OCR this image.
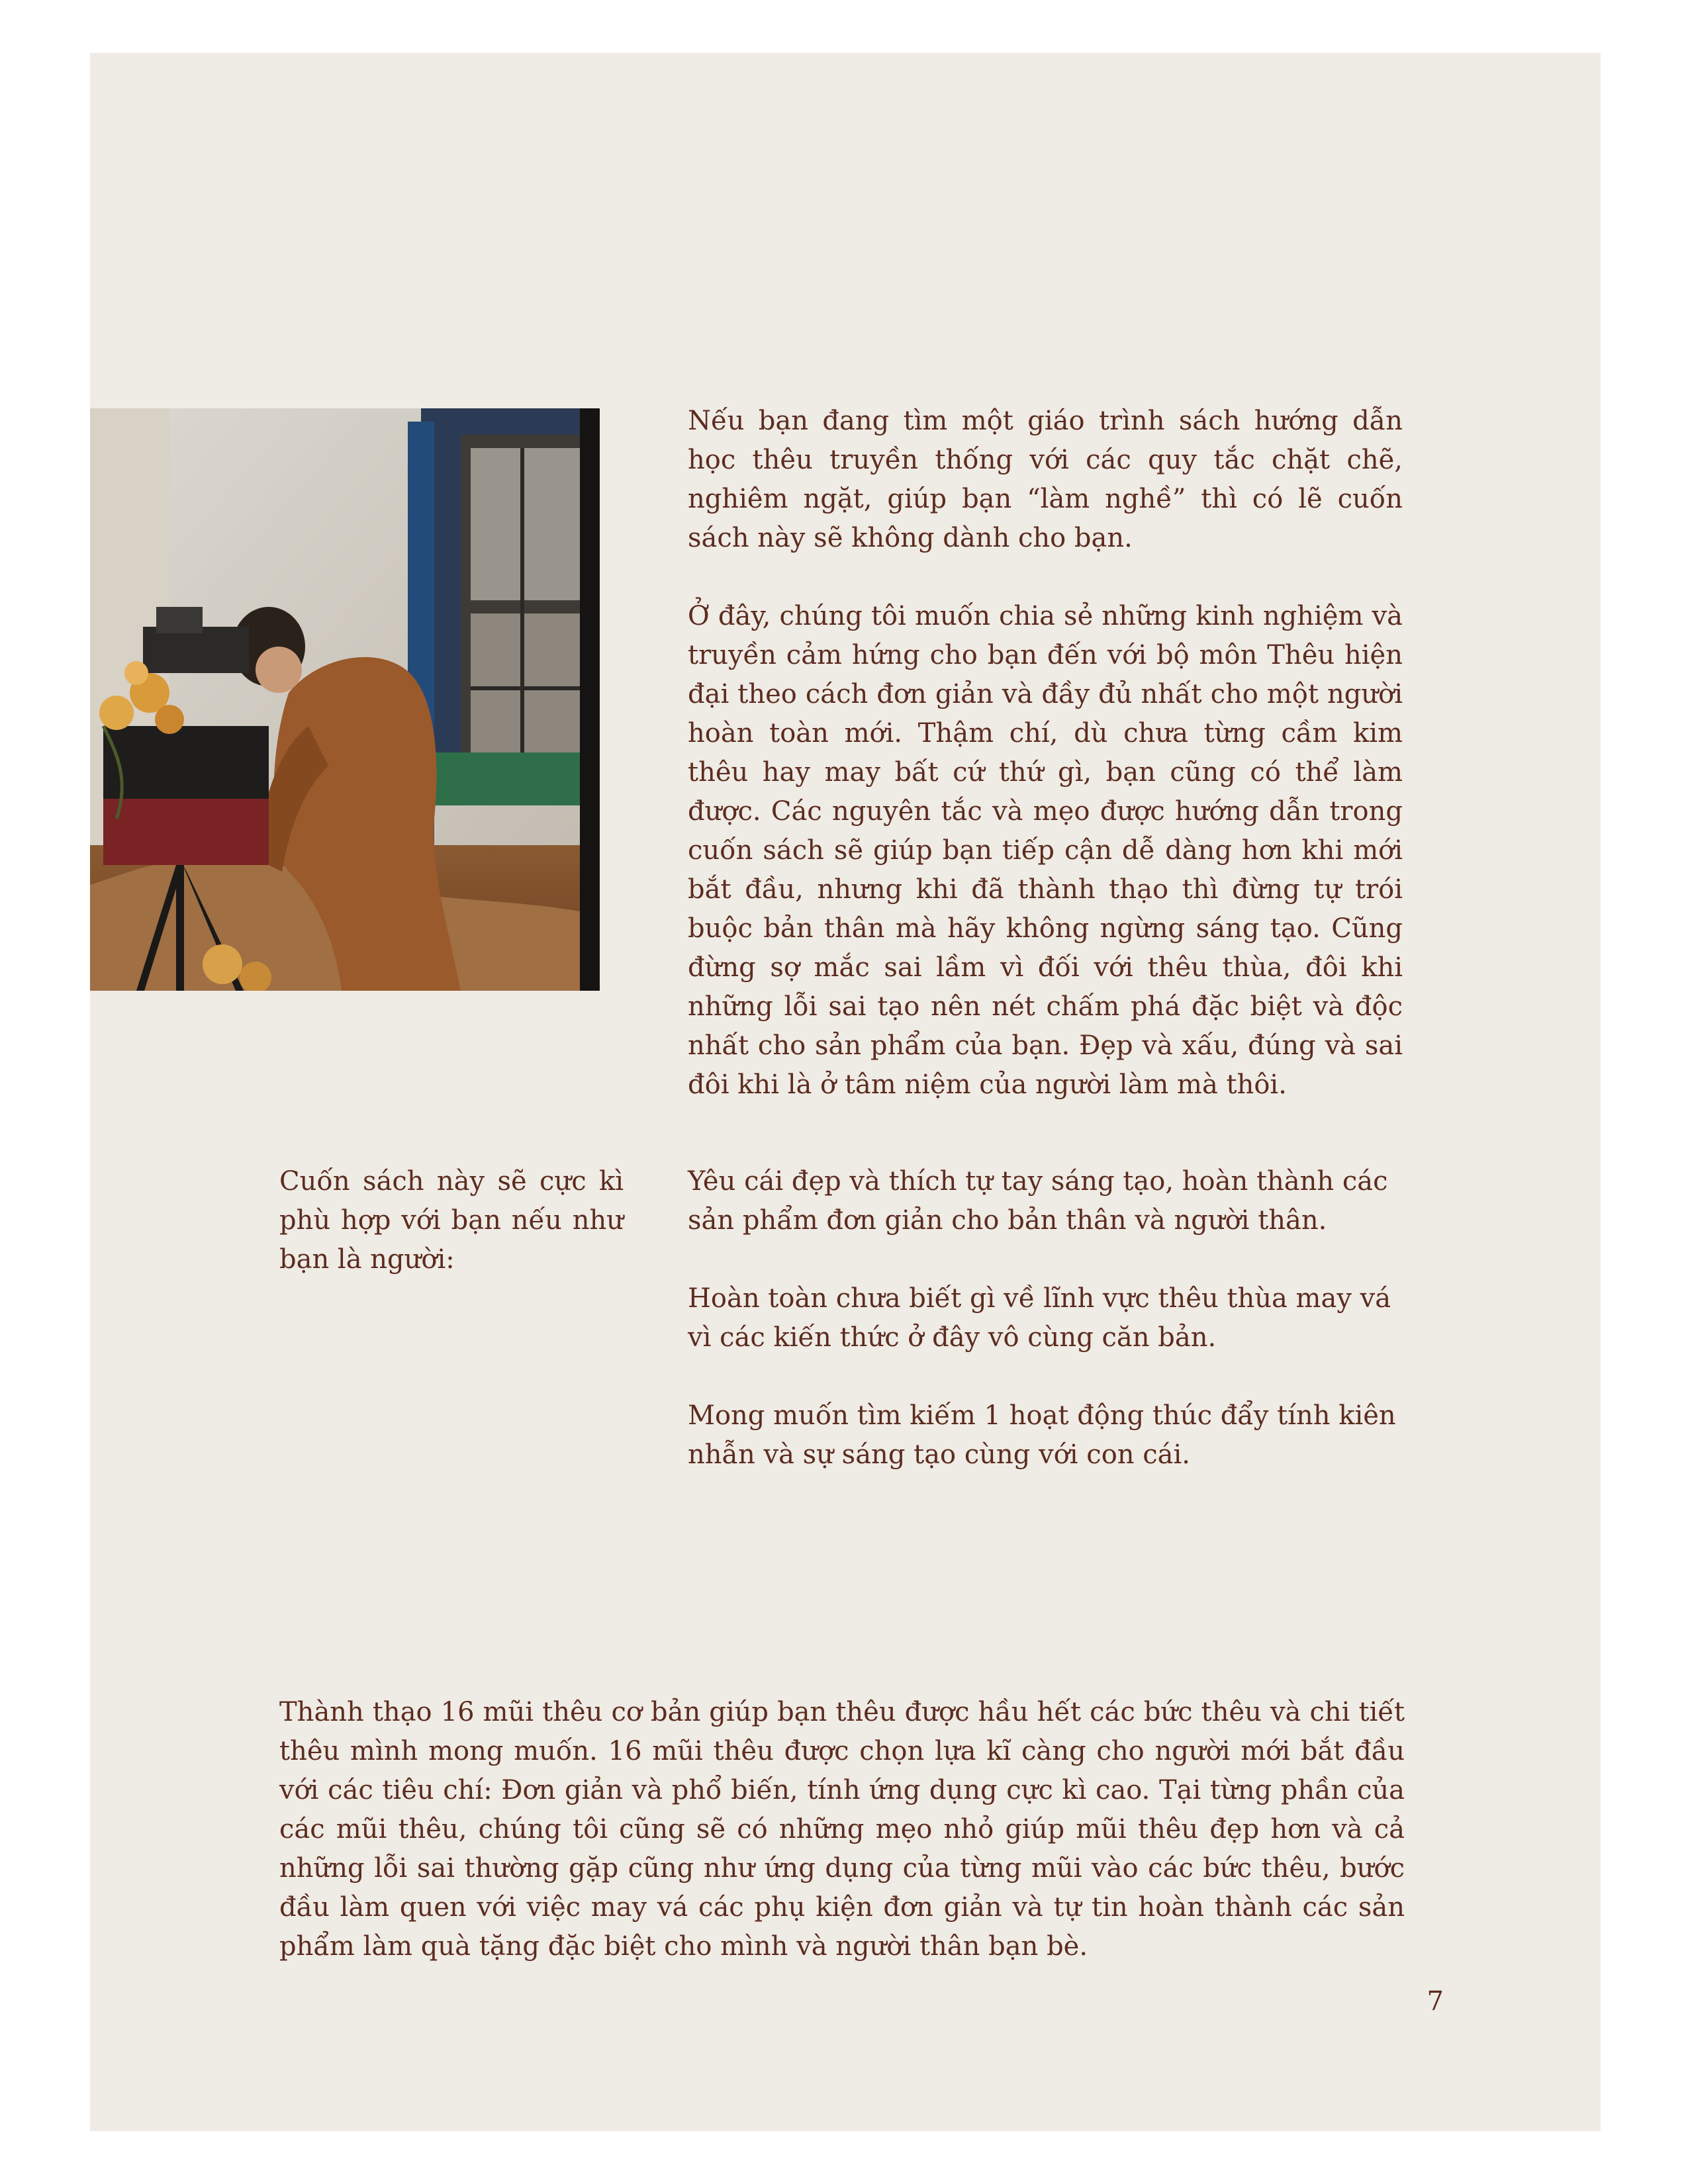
Nếu bạn đang tìm một giáo trình sách hướng dẫn học thêu truyền thống với các quy tắc chặt chẽ, nghiêm ngặt, giúp bạn “làm nghề” thì có lẽ cuốn sách này sẽ không dành cho bạn.

Ở đây, chúng tôi muốn chia sẻ những kinh nghiệm và truyền cảm hứng cho bạn đến với bộ môn Thêu hiện đại theo cách đơn giản và đầy đủ nhất cho một người hoàn toàn mới. Thậm chí, dù chưa từng cầm kim thêu hay may bất cứ thứ gì, bạn cũng có thể làm được. Các nguyên tắc và mẹo được hướng dẫn trong cuốn sách sẽ giúp bạn tiếp cận dễ dàng hơn khi mới bắt đầu, nhưng khi đã thành thạo thì đừng tự trói buộc bản thân mà hãy không ngừng sáng tạo. Cũng đừng sợ mắc sai lầm vì đối với thêu thùa, đôi khi những lỗi sai tạo nên nét chấm phá đặc biệt và độc nhất cho sản phẩm của bạn. Đẹp và xấu, đúng và sai đôi khi là ở tâm niệm của người làm mà thôi.

Cuốn sách này sẽ cực kì phù hợp với bạn nếu như bạn là người:

Yêu cái đẹp và thích tự tay sáng tạo, hoàn thành các sản phẩm đơn giản cho bản thân và người thân.

Hoàn toàn chưa biết gì về lĩnh vực thêu thùa may vá vì các kiến thức ở đây vô cùng căn bản.

Mong muốn tìm kiếm 1 hoạt động thúc đẩy tính kiên nhẫn và sự sáng tạo cùng với con cái.

Thành thạo 16 mũi thêu cơ bản giúp bạn thêu được hầu hết các bức thêu và chi tiết thêu mình mong muốn. 16 mũi thêu được chọn lựa kĩ càng cho người mới bắt đầu với các tiêu chí: Đơn giản và phổ biến, tính ứng dụng cực kì cao. Tại từng phần của các mũi thêu, chúng tôi cũng sẽ có những mẹo nhỏ giúp mũi thêu đẹp hơn và cả những lỗi sai thường gặp cũng như ứng dụng của từng mũi vào các bức thêu, bước đầu làm quen với việc may vá các phụ kiện đơn giản và tự tin hoàn thành các sản phẩm làm quà tặng đặc biệt cho mình và người thân bạn bè.

7
